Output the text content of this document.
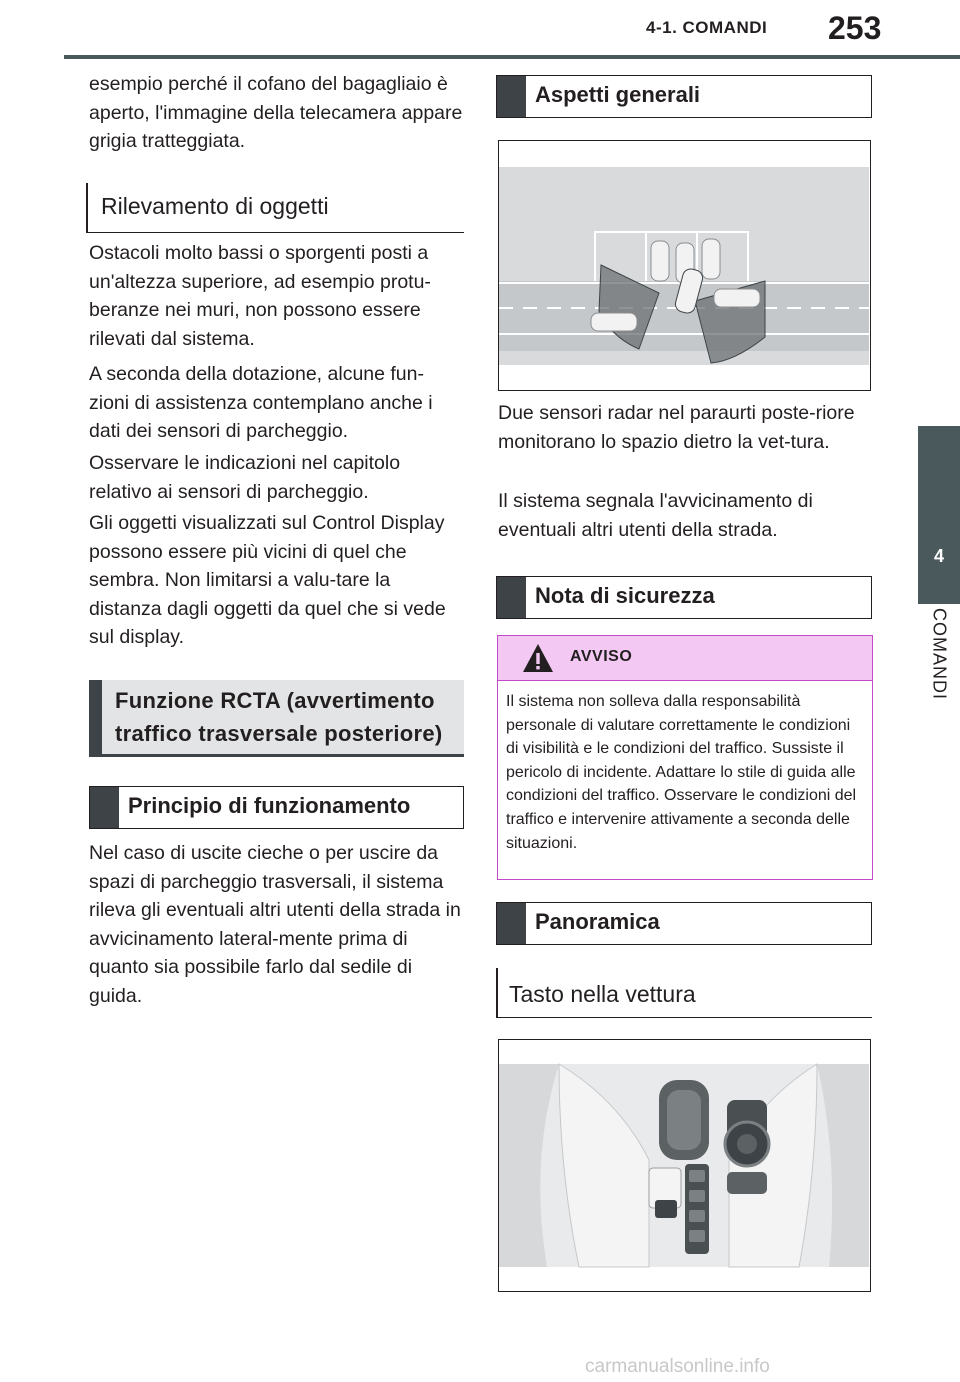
4-1. COMANDI 253
4
COMANDI

esempio perché il cofano del bagagliaio è aperto, l'immagine della telecamera appare grigia tratteggiata.

Rilevamento di oggetti

Ostacoli molto bassi o sporgenti posti a un'altezza superiore, ad esempio protu-beranze nei muri, non possono essere rilevati dal sistema.

A seconda della dotazione, alcune fun-zioni di assistenza contemplano anche i dati dei sensori di parcheggio.

Osservare le indicazioni nel capitolo relativo ai sensori di parcheggio.

Gli oggetti visualizzati sul Control Display possono essere più vicini di quel che sembra. Non limitarsi a valu-tare la distanza dagli oggetti da quel che si vede sul display.

Funzione RCTA (avvertimento traffico trasversale posteriore)
Principio di funzionamento

Nel caso di uscite cieche o per uscire da spazi di parcheggio trasversali, il sistema rileva gli eventuali altri utenti della strada in avvicinamento lateral-mente prima di quanto sia possibile farlo dal sedile di guida.

Aspetti generali

Due sensori radar nel paraurti poste-riore monitorano lo spazio dietro la vet-tura.

Il sistema segnala l'avvicinamento di eventuali altri utenti della strada.

Nota di sicurezza
AVVISO
Il sistema non solleva dalla responsabilità personale di valutare correttamente le condizioni di visibilità e le condizioni del traffico. Sussiste il pericolo di incidente. Adattare lo stile di guida alle condizioni del traffico. Osservare le condizioni del traffico e intervenire attivamente a seconda delle situazioni.
Panoramica
Tasto nella vettura
carmanualsonline.info
